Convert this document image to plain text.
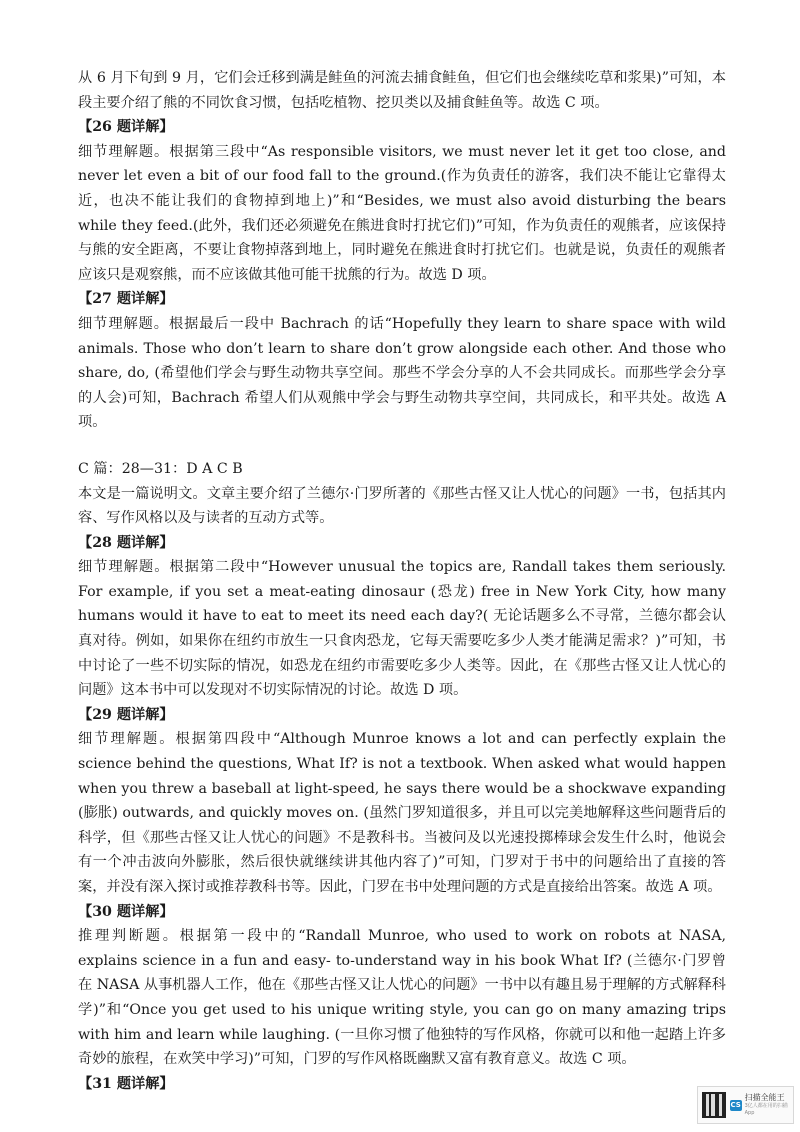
从 6 月下旬到 9 月，它们会迁移到满是鲑鱼的河流去捕食鲑鱼，但它们也会继续吃草和浆果)”可知，本段主要介绍了熊的不同饮食习惯，包括吃植物、挖贝类以及捕食鲑鱼等。故选 C 项。

【26 题详解】

细节理解题。根据第三段中“As responsible visitors, we must never let it get too close, and never let even a bit of our food fall to the ground.(作为负责任的游客，我们决不能让它靠得太近，也决不能让我们的食物掉到地上)”和“Besides, we must also avoid disturbing the bears while they feed.(此外，我们还必须避免在熊进食时打扰它们)”可知，作为负责任的观熊者，应该保持与熊的安全距离，不要让食物掉落到地上，同时避免在熊进食时打扰它们。也就是说，负责任的观熊者应该只是观察熊，而不应该做其他可能干扰熊的行为。故选 D 项。

【27 题详解】

细节理解题。根据最后一段中 Bachrach 的话“Hopefully they learn to share space with wild animals. Those who don’t learn to share don’t grow alongside each other. And those who share, do, (希望他们学会与野生动物共享空间。那些不学会分享的人不会共同成长。而那些学会分享的人会)可知，Bachrach 希望人们从观熊中学会与野生动物共享空间，共同成长，和平共处。故选 A 项。

C 篇：28—31：D A C B

本文是一篇说明文。文章主要介绍了兰德尔·门罗所著的《那些古怪又让人忧心的问题》一书，包括其内容、写作风格以及与读者的互动方式等。

【28 题详解】

细节理解题。根据第二段中“However unusual the topics are, Randall takes them seriously. For example, if you set a meat-eating dinosaur (恐龙) free in New York City, how many humans would it have to eat to meet its need each day?( 无论话题多么不寻常，兰德尔都会认真对待。例如，如果你在纽约市放生一只食肉恐龙，它每天需要吃多少人类才能满足需求？)”可知，书中讨论了一些不切实际的情况，如恐龙在纽约市需要吃多少人类等。因此，在《那些古怪又让人忧心的问题》这本书中可以发现对不切实际情况的讨论。故选 D 项。

【29 题详解】

细节理解题。根据第四段中“Although Munroe knows a lot and can perfectly explain the science behind the questions, What If? is not a textbook. When asked what would happen when you threw a baseball at light-speed, he says there would be a shockwave expanding (膨胀) outwards, and quickly moves on. (虽然门罗知道很多，并且可以完美地解释这些问题背后的科学，但《那些古怪又让人忧心的问题》不是教科书。当被问及以光速投掷棒球会发生什么时，他说会有一个冲击波向外膨胀，然后很快就继续讲其他内容了)”可知，门罗对于书中的问题给出了直接的答案，并没有深入探讨或推荐教科书等。因此，门罗在书中处理问题的方式是直接给出答案。故选 A 项。

【30 题详解】

推理判断题。根据第一段中的“Randall Munroe, who used to work on robots at NASA, explains science in a fun and easy- to-understand way in his book What If? (兰德尔·门罗曾在 NASA 从事机器人工作，他在《那些古怪又让人忧心的问题》一书中以有趣且易于理解的方式解释科学)”和“Once you get used to his unique writing style, you can go on many amazing trips with him and learn while laughing. (一旦你习惯了他独特的写作风格，你就可以和他一起踏上许多奇妙的旅程，在欢笑中学习)”可知，门罗的写作风格既幽默又富有教育意义。故选 C 项。

【31 题详解】

CS
扫描全能王
3亿人都在用的扫描App
